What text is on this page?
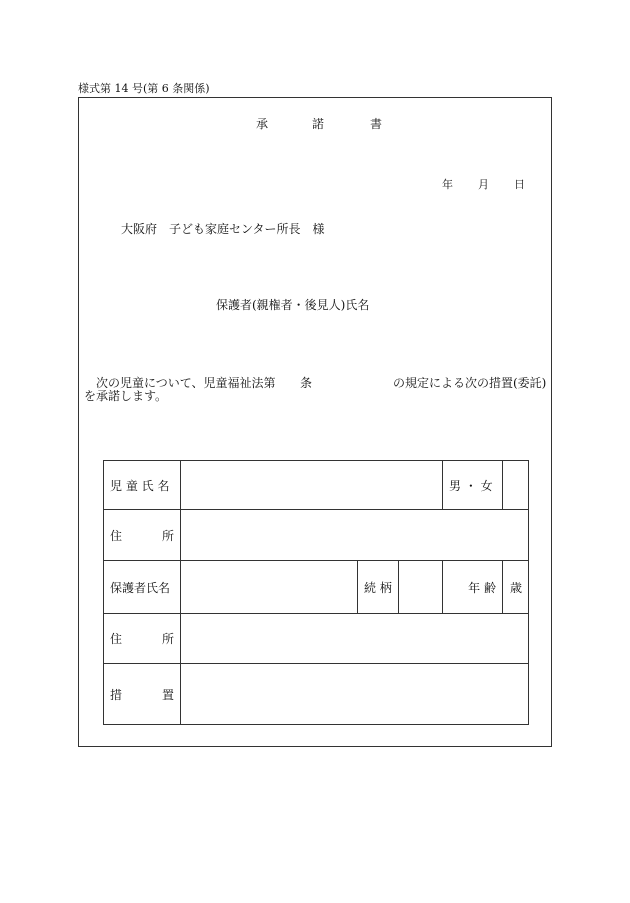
様式第 14 号(第 6 条関係)
承	諾	書
年 月 日
大阪府　子ども家庭センター所長　様
保護者(親権者・後見人)氏名
次の児童について、児童福祉法第 条	の規定による次の措置(委託)
を承諾します。
児 童 氏 名				男 ・ 女	

住 所					

保護者氏名		続 柄		年 齢	歳

住 所					

措 置					
